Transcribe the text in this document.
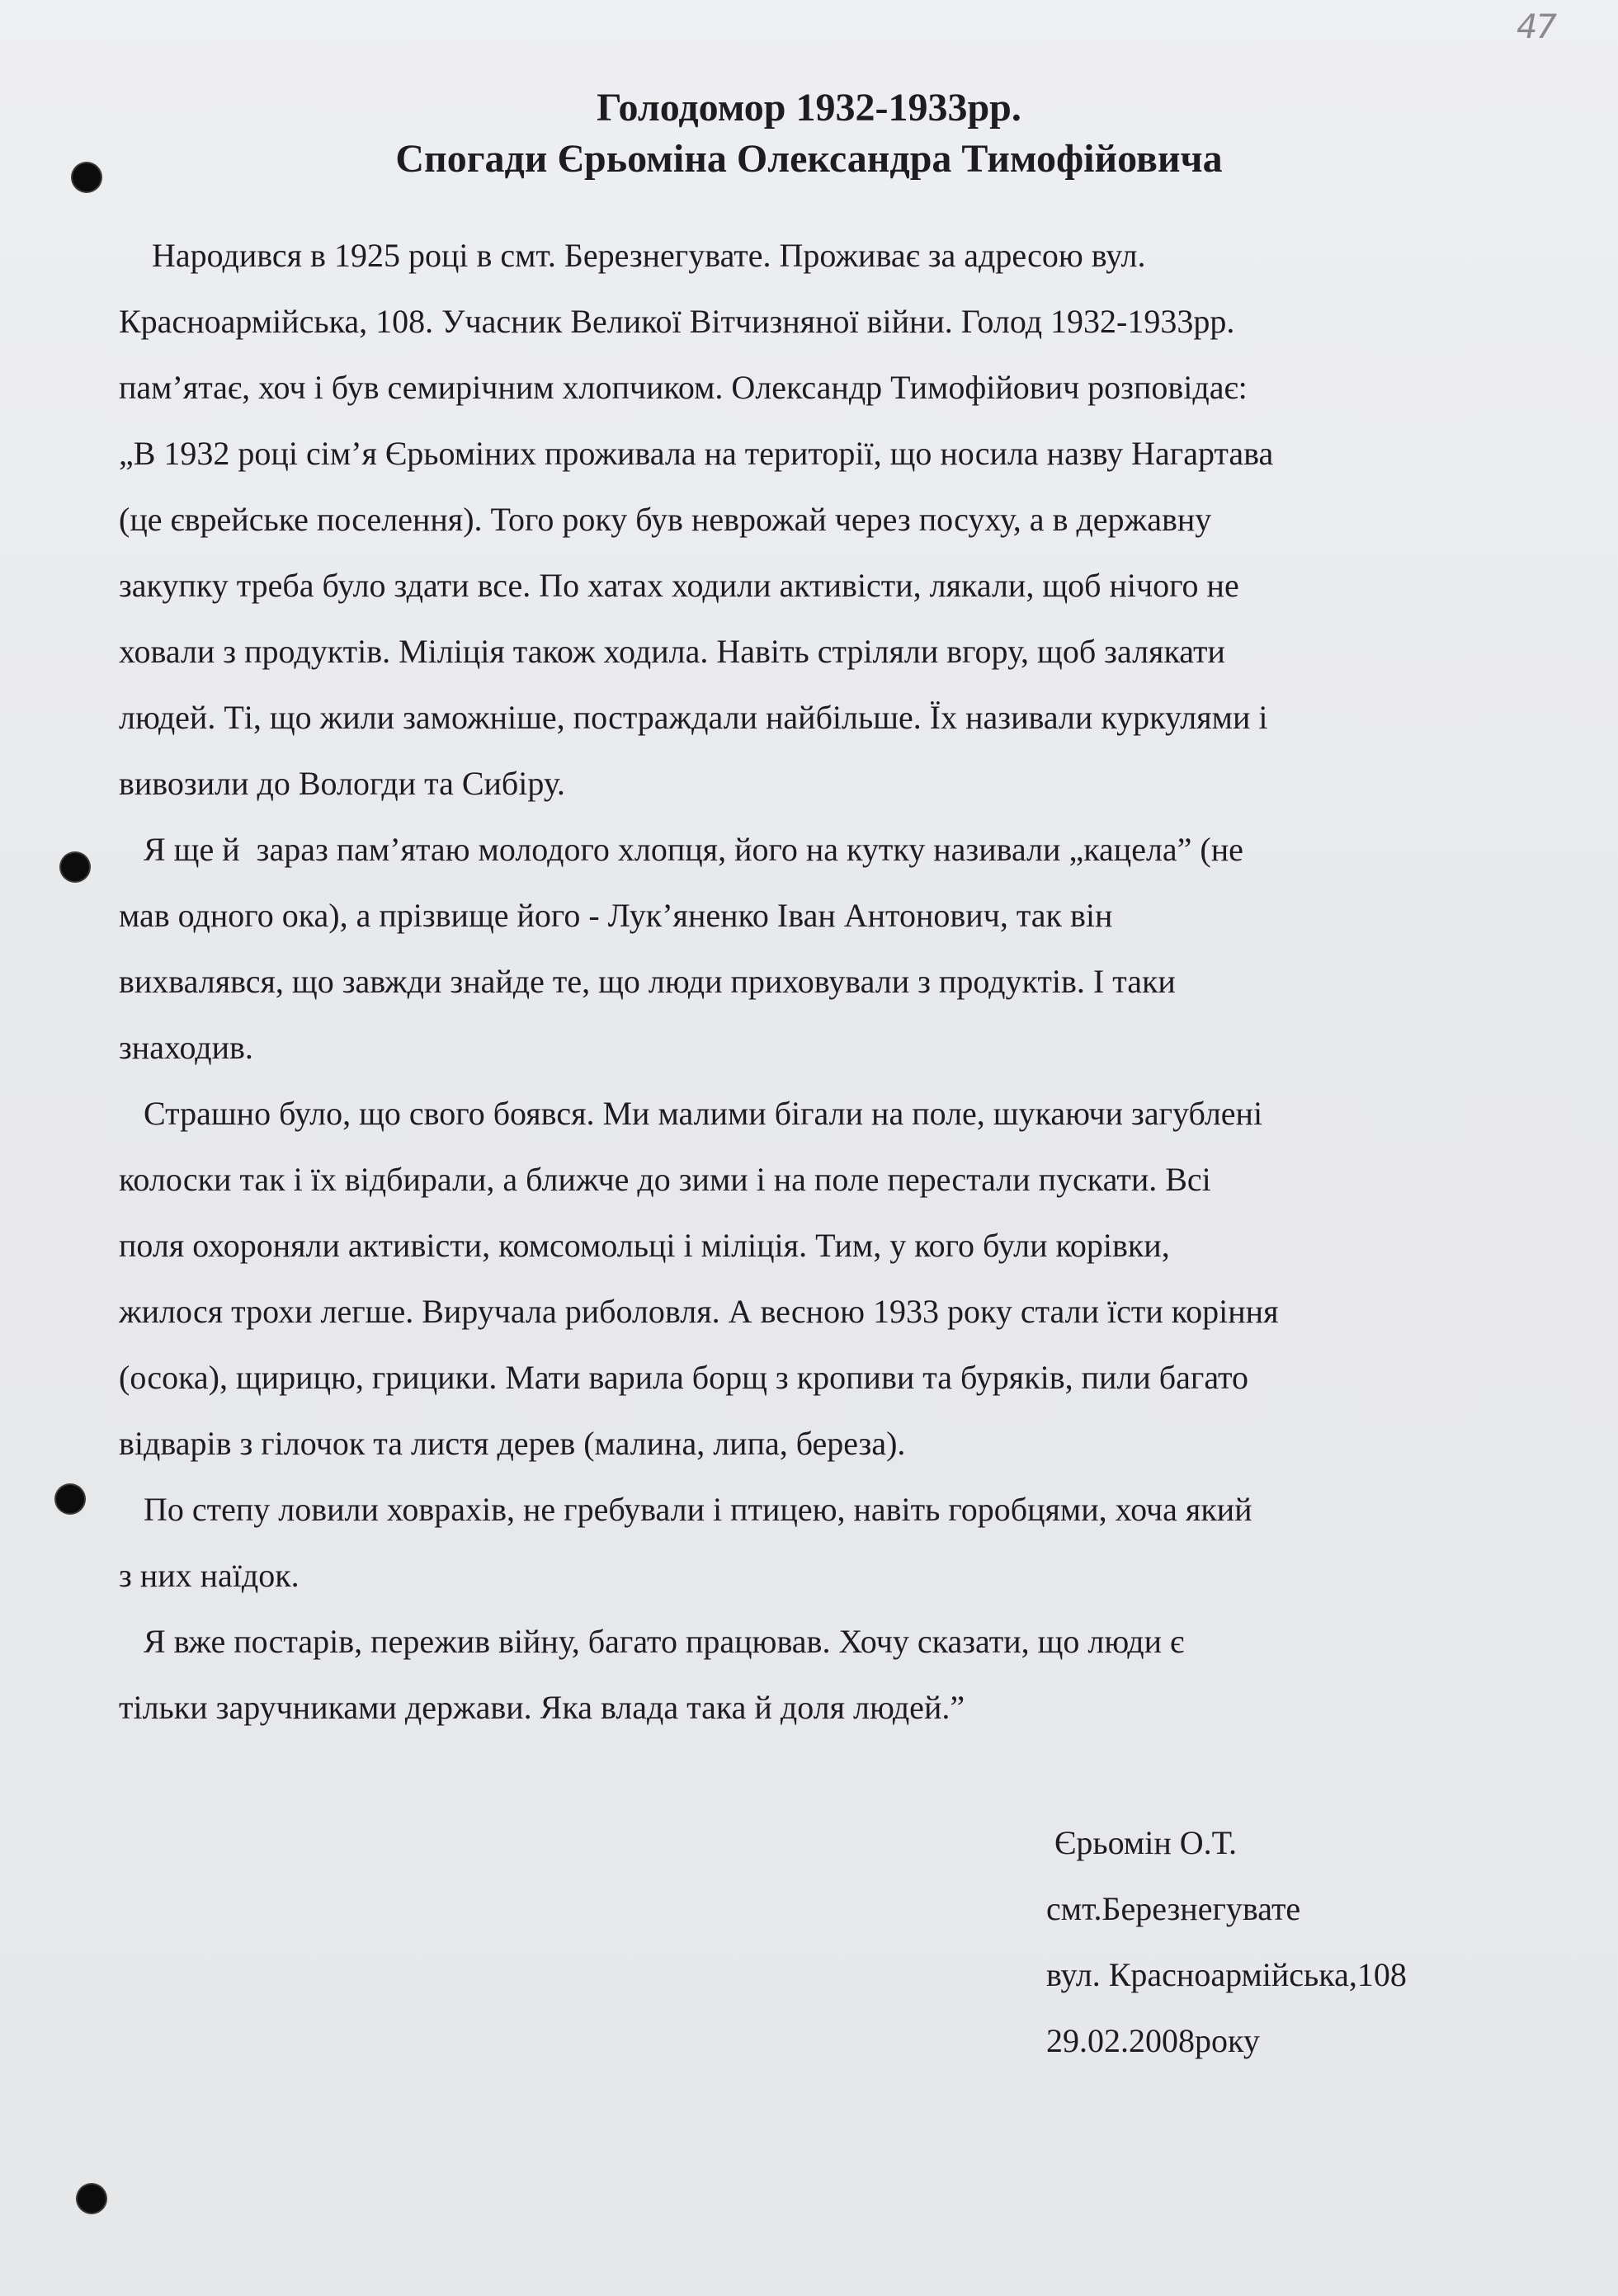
47
Голодомор 1932-1933рр.
Спогади Єрьоміна Олександра Тимофійовича
Народився в 1925 році в смт. Березнегувате. Проживає за адресою вул.
Красноармійська, 108. Учасник Великої Вітчизняної війни. Голод 1932-1933рр.
пам’ятає, хоч і був семирічним хлопчиком. Олександр Тимофійович розповідає:
„В 1932 році сім’я Єрьоміних проживала на території, що носила назву Нагартава
(це єврейське поселення). Того року був неврожай через посуху, а в державну
закупку треба було здати все. По хатах ходили активісти, лякали, щоб нічого не
ховали з продуктів. Міліція також ходила. Навіть стріляли вгору, щоб залякати
людей. Ті, що жили заможніше, постраждали найбільше. Їх називали куркулями і
вивозили до Вологди та Сибіру.
Я ще й  зараз пам’ятаю молодого хлопця, його на кутку називали „кацела” (не
мав одного ока), а прізвище його - Лук’яненко Іван Антонович, так він
вихвалявся, що завжди знайде те, що люди приховували з продуктів. І таки
знаходив.
Страшно було, що свого боявся. Ми малими бігали на поле, шукаючи загублені
колоски так і їх відбирали, а ближче до зими і на поле перестали пускати. Всі
поля охороняли активісти, комсомольці і міліція. Тим, у кого були корівки,
жилося трохи легше. Виручала риболовля. А весною 1933 року стали їсти коріння
(осока), щирицю, грицики. Мати варила борщ з кропиви та буряків, пили багато
відварів з гілочок та листя дерев (малина, липа, береза).
По степу ловили ховрахів, не гребували і птицею, навіть горобцями, хоча який
з них наїдок.
Я вже постарів, пережив війну, багато працював. Хочу сказати, що люди є
тільки заручниками держави. Яка влада така й доля людей.”
Єрьомін О.Т.
смт.Березнегувате
вул. Красноармійська,108
29.02.2008року
